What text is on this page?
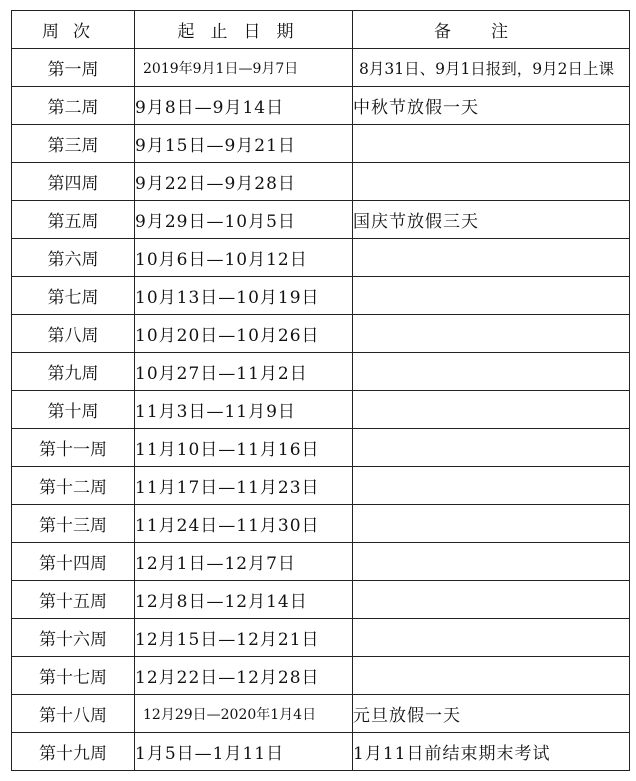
周次	起止日期	备注
第一周	2019年9月1日—9月7日	8月31日、9月1日报到，9月2日上课
第二周	9月8日—9月14日	中秋节放假一天
第三周	9月15日—9月21日	
第四周	9月22日—9月28日	
第五周	9月29日—10月5日	国庆节放假三天
第六周	10月6日—10月12日	
第七周	10月13日—10月19日	
第八周	10月20日—10月26日	
第九周	10月27日—11月2日	
第十周	11月3日—11月9日	
第十一周	11月10日—11月16日	
第十二周	11月17日—11月23日	
第十三周	11月24日—11月30日	
第十四周	12月1日—12月7日	
第十五周	12月8日—12月14日	
第十六周	12月15日—12月21日	
第十七周	12月22日—12月28日	
第十八周	12月29日—2020年1月4日	元旦放假一天
第十九周	1月5日—1月11日	1月11日前结束期末考试
